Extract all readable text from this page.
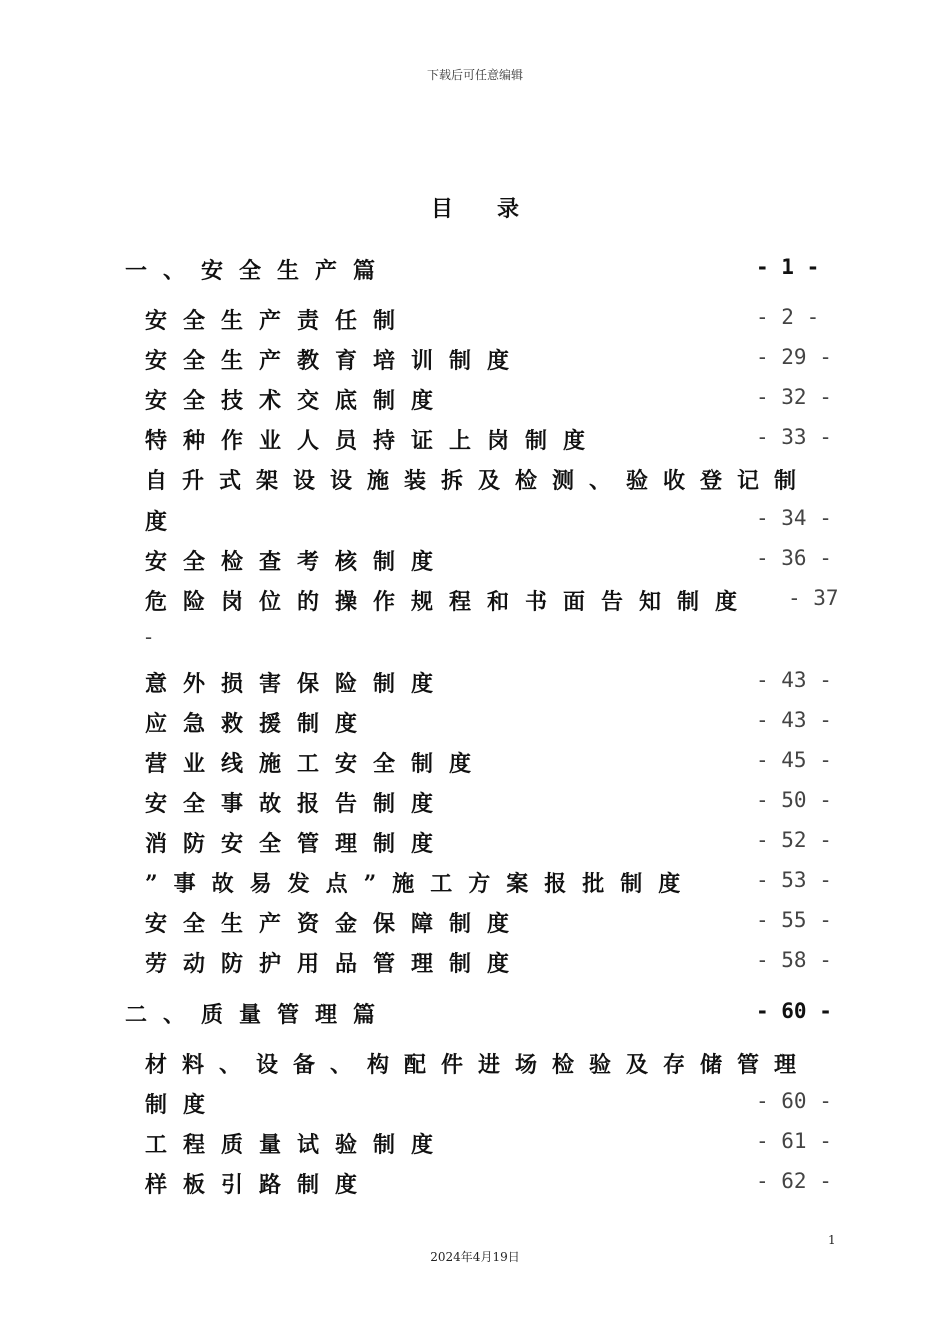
下载后可任意编辑
目录
一、安全生产篇	- 1 -
安全生产责任制	- 2 -
安全生产教育培训制度	- 29 -
安全技术交底制度	- 32 -
特种作业人员持证上岗制度	- 33 -
自升式架设设施装拆及检测、验收登记制
度	- 34 -
安全检查考核制度	- 36 -
危险岗位的操作规程和书面告知制度 - 37
-
意外损害保险制度	- 43 -
应急救援制度	- 43 -
营业线施工安全制度	- 45 -
安全事故报告制度	- 50 -
消防安全管理制度	- 52 -
”事故易发点”施工方案报批制度	- 53 -
安全生产资金保障制度	- 55 -
劳动防护用品管理制度	- 58 -
二、质量管理篇	- 60 -
材料、设备、构配件进场检验及存储管理
制度	- 60 -
工程质量试验制度	- 61 -
样板引路制度	- 62 -
1
2024年4月19日
